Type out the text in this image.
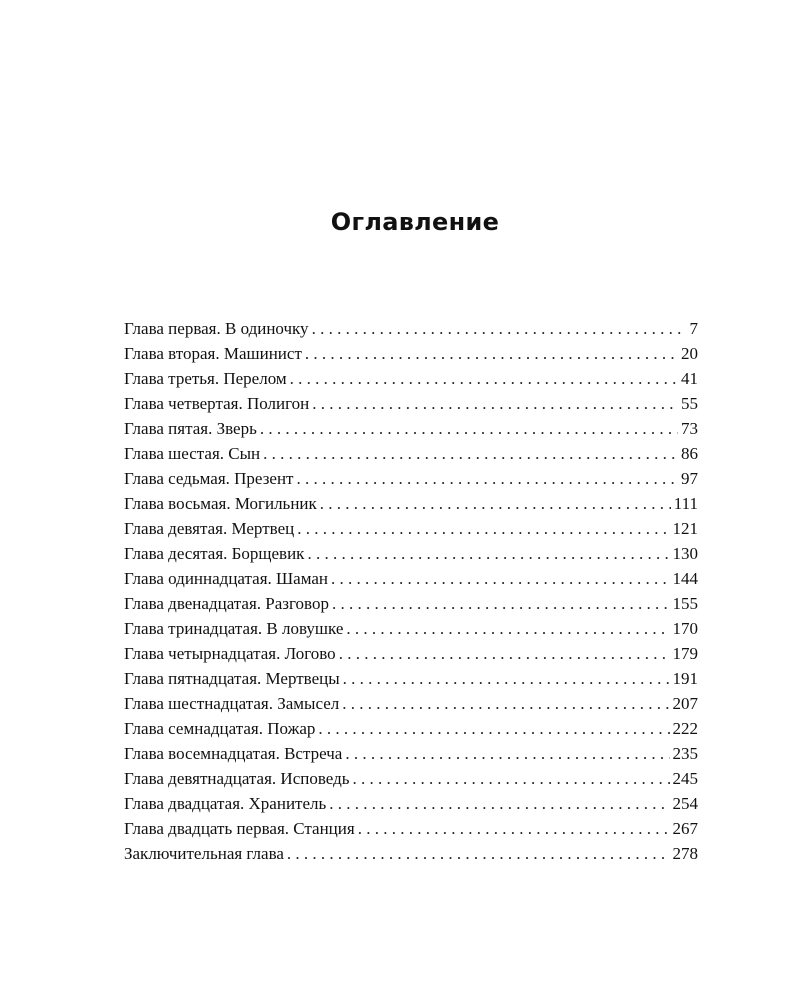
Оглавление
Глава первая. В одиночку . . .	7
Глава вторая. Машинист . . .	20
Глава третья. Перелом . . .	41
Глава четвертая. Полигон . . .	55
Глава пятая. Зверь . . .	73
Глава шестая. Сын . . .	86
Глава седьмая. Презент . . .	97
Глава восьмая. Могильник . . .	111
Глава девятая. Мертвец . . .	121
Глава десятая. Борщевик . . .	130
Глава одиннадцатая. Шаман . . .	144
Глава двенадцатая. Разговор . . .	155
Глава тринадцатая. В ловушке . . .	170
Глава четырнадцатая. Логово . . .	179
Глава пятнадцатая. Мертвецы . . .	191
Глава шестнадцатая. Замысел . . .	207
Глава семнадцатая. Пожар . . .	222
Глава восемнадцатая. Встреча . . .	235
Глава девятнадцатая. Исповедь . . .	245
Глава двадцатая. Хранитель . . .	254
Глава двадцать первая. Станция . . .	267
Заключительная глава . . .	278
